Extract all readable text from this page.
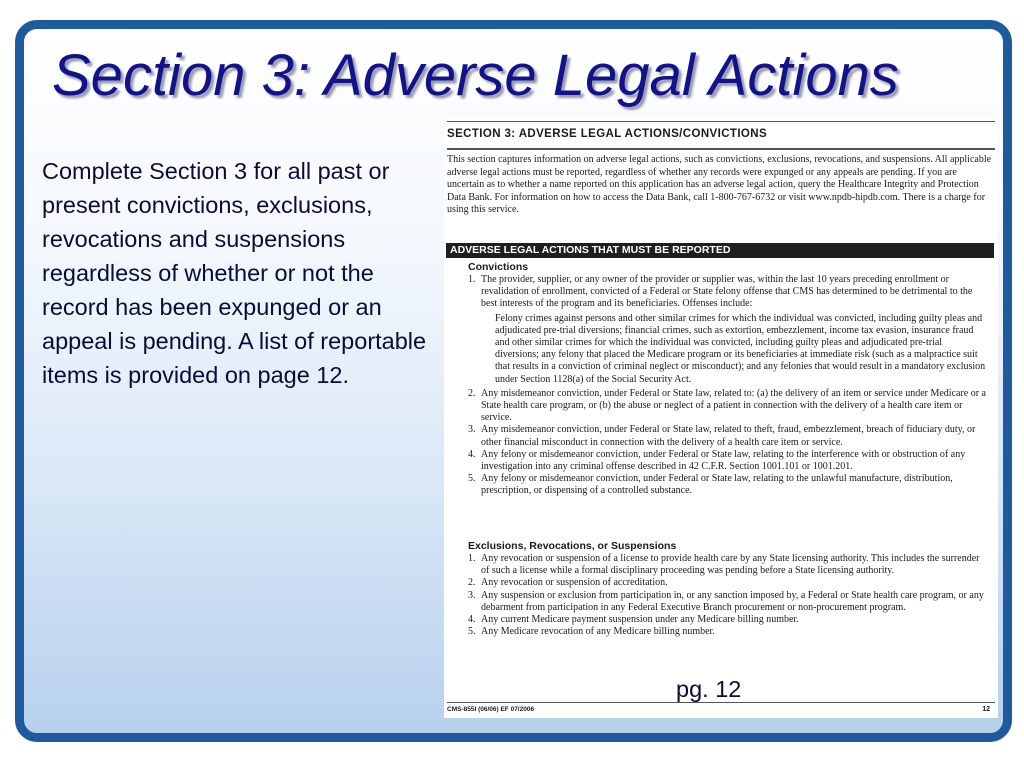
Section 3: Adverse Legal Actions

Complete Section 3 for all past or present convictions, exclusions, revocations and suspensions regardless of whether or not the record has been expunged or an appeal is pending. A list of reportable items is provided on page 12.

SECTION 3: ADVERSE LEGAL ACTIONS/CONVICTIONS

This section captures information on adverse legal actions, such as convictions, exclusions, revocations, and suspensions. All applicable adverse legal actions must be reported, regardless of whether any records were expunged or any appeals are pending. If you are uncertain as to whether a name reported on this application has an adverse legal action, query the Healthcare Integrity and Protection Data Bank. For information on how to access the Data Bank, call 1-800-767-6732 or visit www.npdb-hipdb.com. There is a charge for using this service.

ADVERSE LEGAL ACTIONS THAT MUST BE REPORTED
Convictions
1. The provider, supplier, or any owner of the provider or supplier was, within the last 10 years preceding enrollment or revalidation of enrollment, convicted of a Federal or State felony offense that CMS has determined to be detrimental to the best interests of the program and its beneficiaries. Offenses include:
Felony crimes against persons and other similar crimes for which the individual was convicted, including guilty pleas and adjudicated pre-trial diversions; financial crimes, such as extortion, embezzlement, income tax evasion, insurance fraud and other similar crimes for which the individual was convicted, including guilty pleas and adjudicated pre-trial diversions; any felony that placed the Medicare program or its beneficiaries at immediate risk (such as a malpractice suit that results in a conviction of criminal neglect or misconduct); and any felonies that would result in a mandatory exclusion under Section 1128(a) of the Social Security Act.
2. Any misdemeanor conviction, under Federal or State law, related to: (a) the delivery of an item or service under Medicare or a State health care program, or (b) the abuse or neglect of a patient in connection with the delivery of a health care item or service.
3. Any misdemeanor conviction, under Federal or State law, related to theft, fraud, embezzlement, breach of fiduciary duty, or other financial misconduct in connection with the delivery of a health care item or service.
4. Any felony or misdemeanor conviction, under Federal or State law, relating to the interference with or obstruction of any investigation into any criminal offense described in 42 C.F.R. Section 1001.101 or 1001.201.
5. Any felony or misdemeanor conviction, under Federal or State law, relating to the unlawful manufacture, distribution, prescription, or dispensing of a controlled substance.
Exclusions, Revocations, or Suspensions
1. Any revocation or suspension of a license to provide health care by any State licensing authority. This includes the surrender of such a license while a formal disciplinary proceeding was pending before a State licensing authority.
2. Any revocation or suspension of accreditation.
3. Any suspension or exclusion from participation in, or any sanction imposed by, a Federal or State health care program, or any debarment from participation in any Federal Executive Branch procurement or non-procurement program.
4. Any current Medicare payment suspension under any Medicare billing number.
5. Any Medicare revocation of any Medicare billing number.
CMS-855I (06/06) EF 07/2006	12
pg. 12
